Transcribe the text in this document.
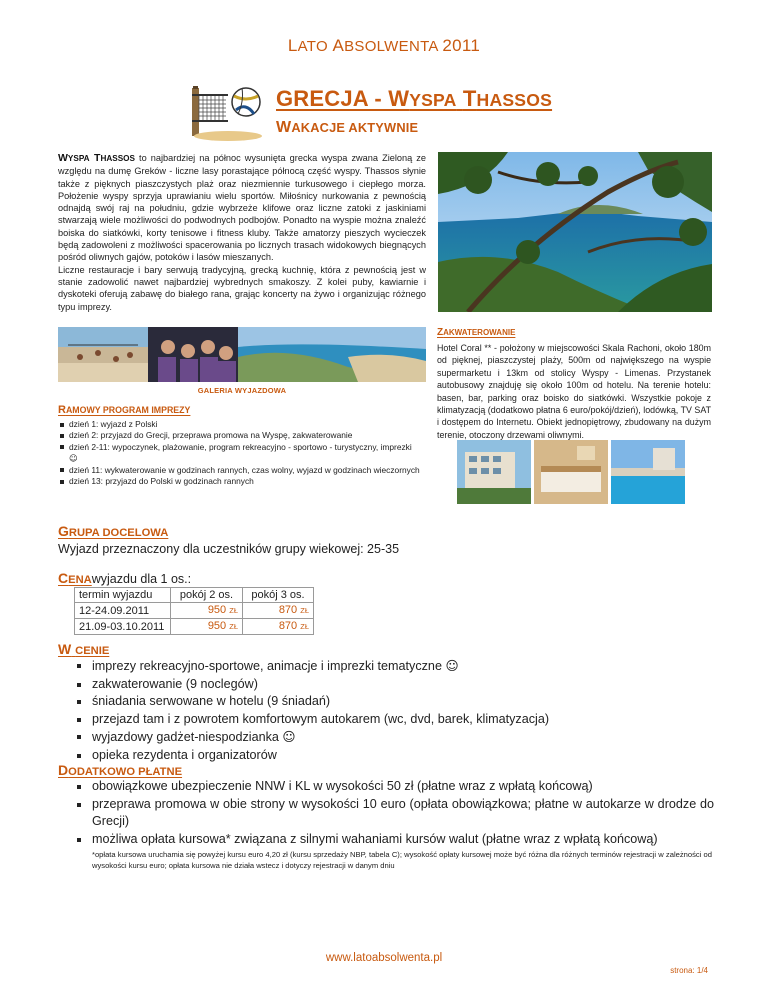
LATO ABSOLWENTA 2011
GRECJA - WYSPA THASSOS
WAKACJE AKTYWNIE
WYSPA THASSOS to najbardziej na północ wysunięta grecka wyspa zwana Zieloną ze względu na dumę Greków - liczne lasy porastające północą część wyspy. Thassos słynie także z pięknych piaszczystych plaż oraz niezmiennie turkusowego i ciepłego morza. Położenie wyspy sprzyja uprawianiu wielu sportów. Miłośnicy nurkowania z pewnością odnajdą swój raj na południu, gdzie wybrzeże klifowe oraz liczne zatoki z jaskiniami stwarzają wiele możliwości do podwodnych podbojów. Ponadto na wyspie można znaleźć boiska do siatkówki, korty tenisowe i fitness kluby. Także amatorzy pieszych wycieczek będą zadowoleni z możliwości spacerowania po licznych trasach widokowych biegnących pośród oliwnych gajów, potoków i lasów mieszanych.
Liczne restauracje i bary serwują tradycyjną, grecką kuchnię, która z pewnością jest w stanie zadowolić nawet najbardziej wybrednych smakoszy. Z kolei puby, kawiarnie i dyskoteki oferują zabawę do białego rana, grając koncerty na żywo i organizując różnego typu imprezy.
GALERIA WYJAZDOWA
RAMOWY PROGRAM IMPREZY
dzień 1: wyjazd z Polski
dzień 2: przyjazd do Grecji, przeprawa promowa na Wyspę, zakwaterowanie
dzień 2-11: wypoczynek, plażowanie, program rekreacyjno - sportowo - turystyczny, imprezki ☺
dzień 11: wykwaterowanie w godzinach rannych, czas wolny, wyjazd w godzinach wieczornych
dzień 13: przyjazd do Polski w godzinach rannych
ZAKWATEROWANIE
Hotel Coral ** - położony w miejscowości Skala Rachoni, około 180m od pięknej, piaszczystej plaży, 500m od największego na wyspie supermarketu i 13km od stolicy Wyspy - Limenas. Przystanek autobusowy znajduję się około 100m od hotelu. Na terenie hotelu: basen, bar, parking oraz boisko do siatkówki. Wszystkie pokoje z klimatyzacją (dodatkowo płatna 6 euro/pokój/dzień), lodówką, TV SAT i dostępem do Internetu. Obiekt jednopiętrowy, zbudowany na dużym terenie, otoczony drzewami oliwnymi.
GRUPA DOCELOWA
Wyjazd przeznaczony dla uczestników grupy wiekowej: 25-35
CENAwyjazdu dla 1 os.:
termin wyjazdu	pokój 2 os.	pokój 3 os.
12-24.09.2011	950 ZŁ	870 ZŁ
21.09-03.10.2011	950 ZŁ	870 ZŁ
W CENIE
imprezy rekreacyjno-sportowe, animacje i imprezki tematyczne ☺
zakwaterowanie (9 noclegów)
śniadania serwowane w hotelu (9 śniadań)
przejazd tam i z powrotem komfortowym autokarem (wc, dvd, barek, klimatyzacja)
wyjazdowy gadżet-niespodzianka ☺
opieka rezydenta i organizatorów
DODATKOWO PŁATNE
obowiązkowe ubezpieczenie NNW i KL w wysokości 50 zł (płatne wraz z wpłatą końcową)
przeprawa promowa w obie strony w wysokości 10 euro (opłata obowiązkowa; płatne w autokarze w drodze do Grecji)
możliwa opłata kursowa* związana z silnymi wahaniami kursów walut (płatne wraz z wpłatą końcową)
*opłata kursowa uruchamia się powyżej kursu euro 4,20 zł (kursu sprzedaży NBP, tabela C); wysokość opłaty kursowej może być różna dla różnych terminów rejestracji w zależności od wysokości kursu euro; opłata kursowa nie działa wstecz i dotyczy rejestracji w danym dniu
www.latoabsolwenta.pl
strona: 1/4
